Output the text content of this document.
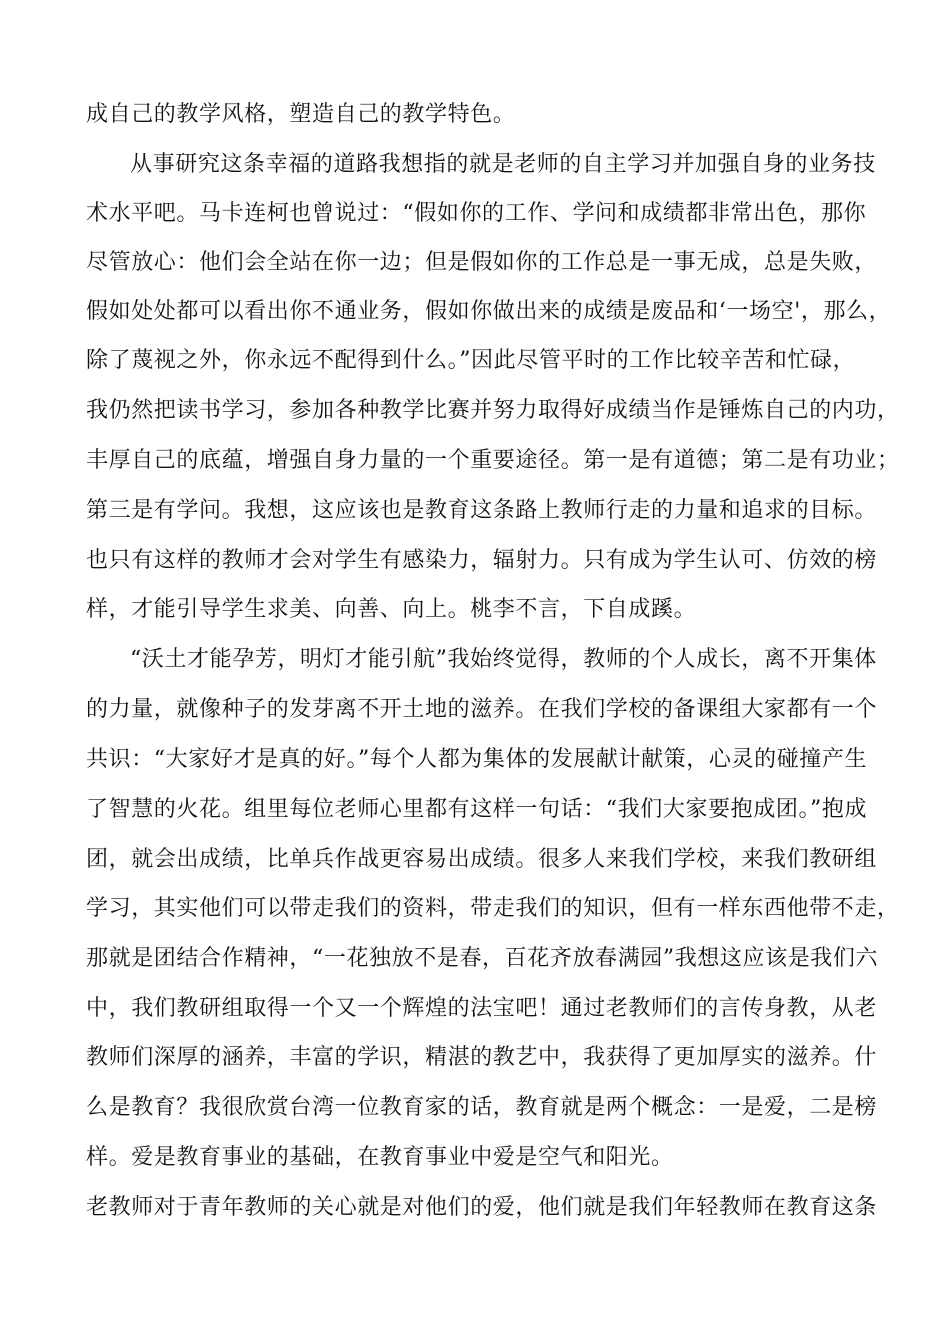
成自己的教学风格，塑造自己的教学特色。
从事研究这条幸福的道路我想指的就是老师的自主学习并加强自身的业务技
术水平吧。马卡连柯也曾说过：“假如你的工作、学问和成绩都非常出色，那你
尽管放心：他们会全站在你一边；但是假如你的工作总是一事无成，总是失败，
假如处处都可以看出你不通业务，假如你做出来的成绩是废品和‘一场空'，那么，
除了蔑视之外，你永远不配得到什么。”因此尽管平时的工作比较辛苦和忙碌，
我仍然把读书学习，参加各种教学比赛并努力取得好成绩当作是锤炼自己的内功，
丰厚自己的底蕴，增强自身力量的一个重要途径。第一是有道德；第二是有功业；
第三是有学问。我想，这应该也是教育这条路上教师行走的力量和追求的目标。
也只有这样的教师才会对学生有感染力，辐射力。只有成为学生认可、仿效的榜
样，才能引导学生求美、向善、向上。桃李不言，下自成蹊。
“沃土才能孕芳，明灯才能引航”我始终觉得，教师的个人成长，离不开集体
的力量，就像种子的发芽离不开土地的滋养。在我们学校的备课组大家都有一个
共识：“大家好才是真的好。”每个人都为集体的发展献计献策，心灵的碰撞产生
了智慧的火花。组里每位老师心里都有这样一句话：“我们大家要抱成团。”抱成
团，就会出成绩，比单兵作战更容易出成绩。很多人来我们学校，来我们教研组
学习，其实他们可以带走我们的资料，带走我们的知识，但有一样东西他带不走，
那就是团结合作精神，“一花独放不是春，百花齐放春满园”我想这应该是我们六
中，我们教研组取得一个又一个辉煌的法宝吧！通过老教师们的言传身教，从老
教师们深厚的涵养，丰富的学识，精湛的教艺中，我获得了更加厚实的滋养。什
么是教育？我很欣赏台湾一位教育家的话，教育就是两个概念：一是爱，二是榜
样。爱是教育事业的基础，在教育事业中爱是空气和阳光。
老教师对于青年教师的关心就是对他们的爱，他们就是我们年轻教师在教育这条
